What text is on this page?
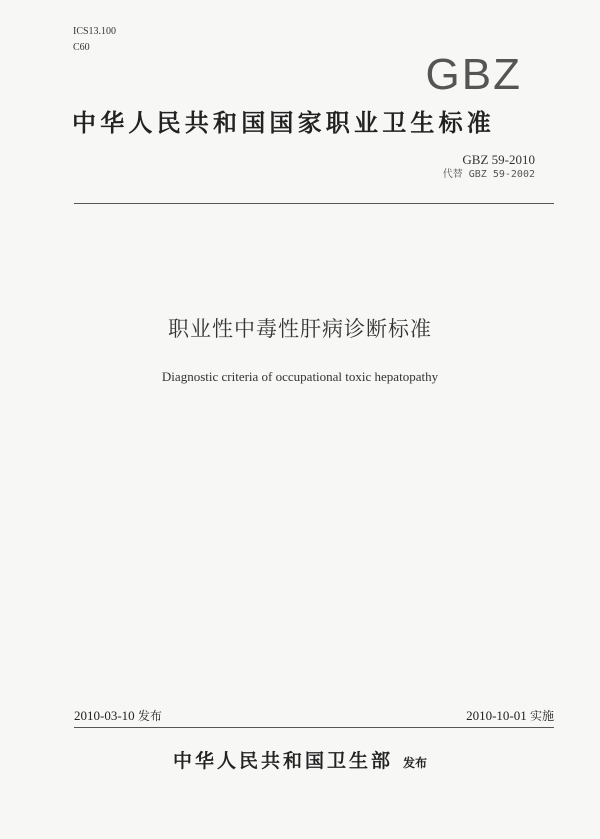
ICS13.100
C60
GBZ
中华人民共和国国家职业卫生标准
GBZ 59-2010
代替 GBZ 59-2002
职业性中毒性肝病诊断标准
Diagnostic criteria of occupational toxic hepatopathy
2010-03-10 发布	2010-10-01 实施
中华人民共和国卫生部 发布
